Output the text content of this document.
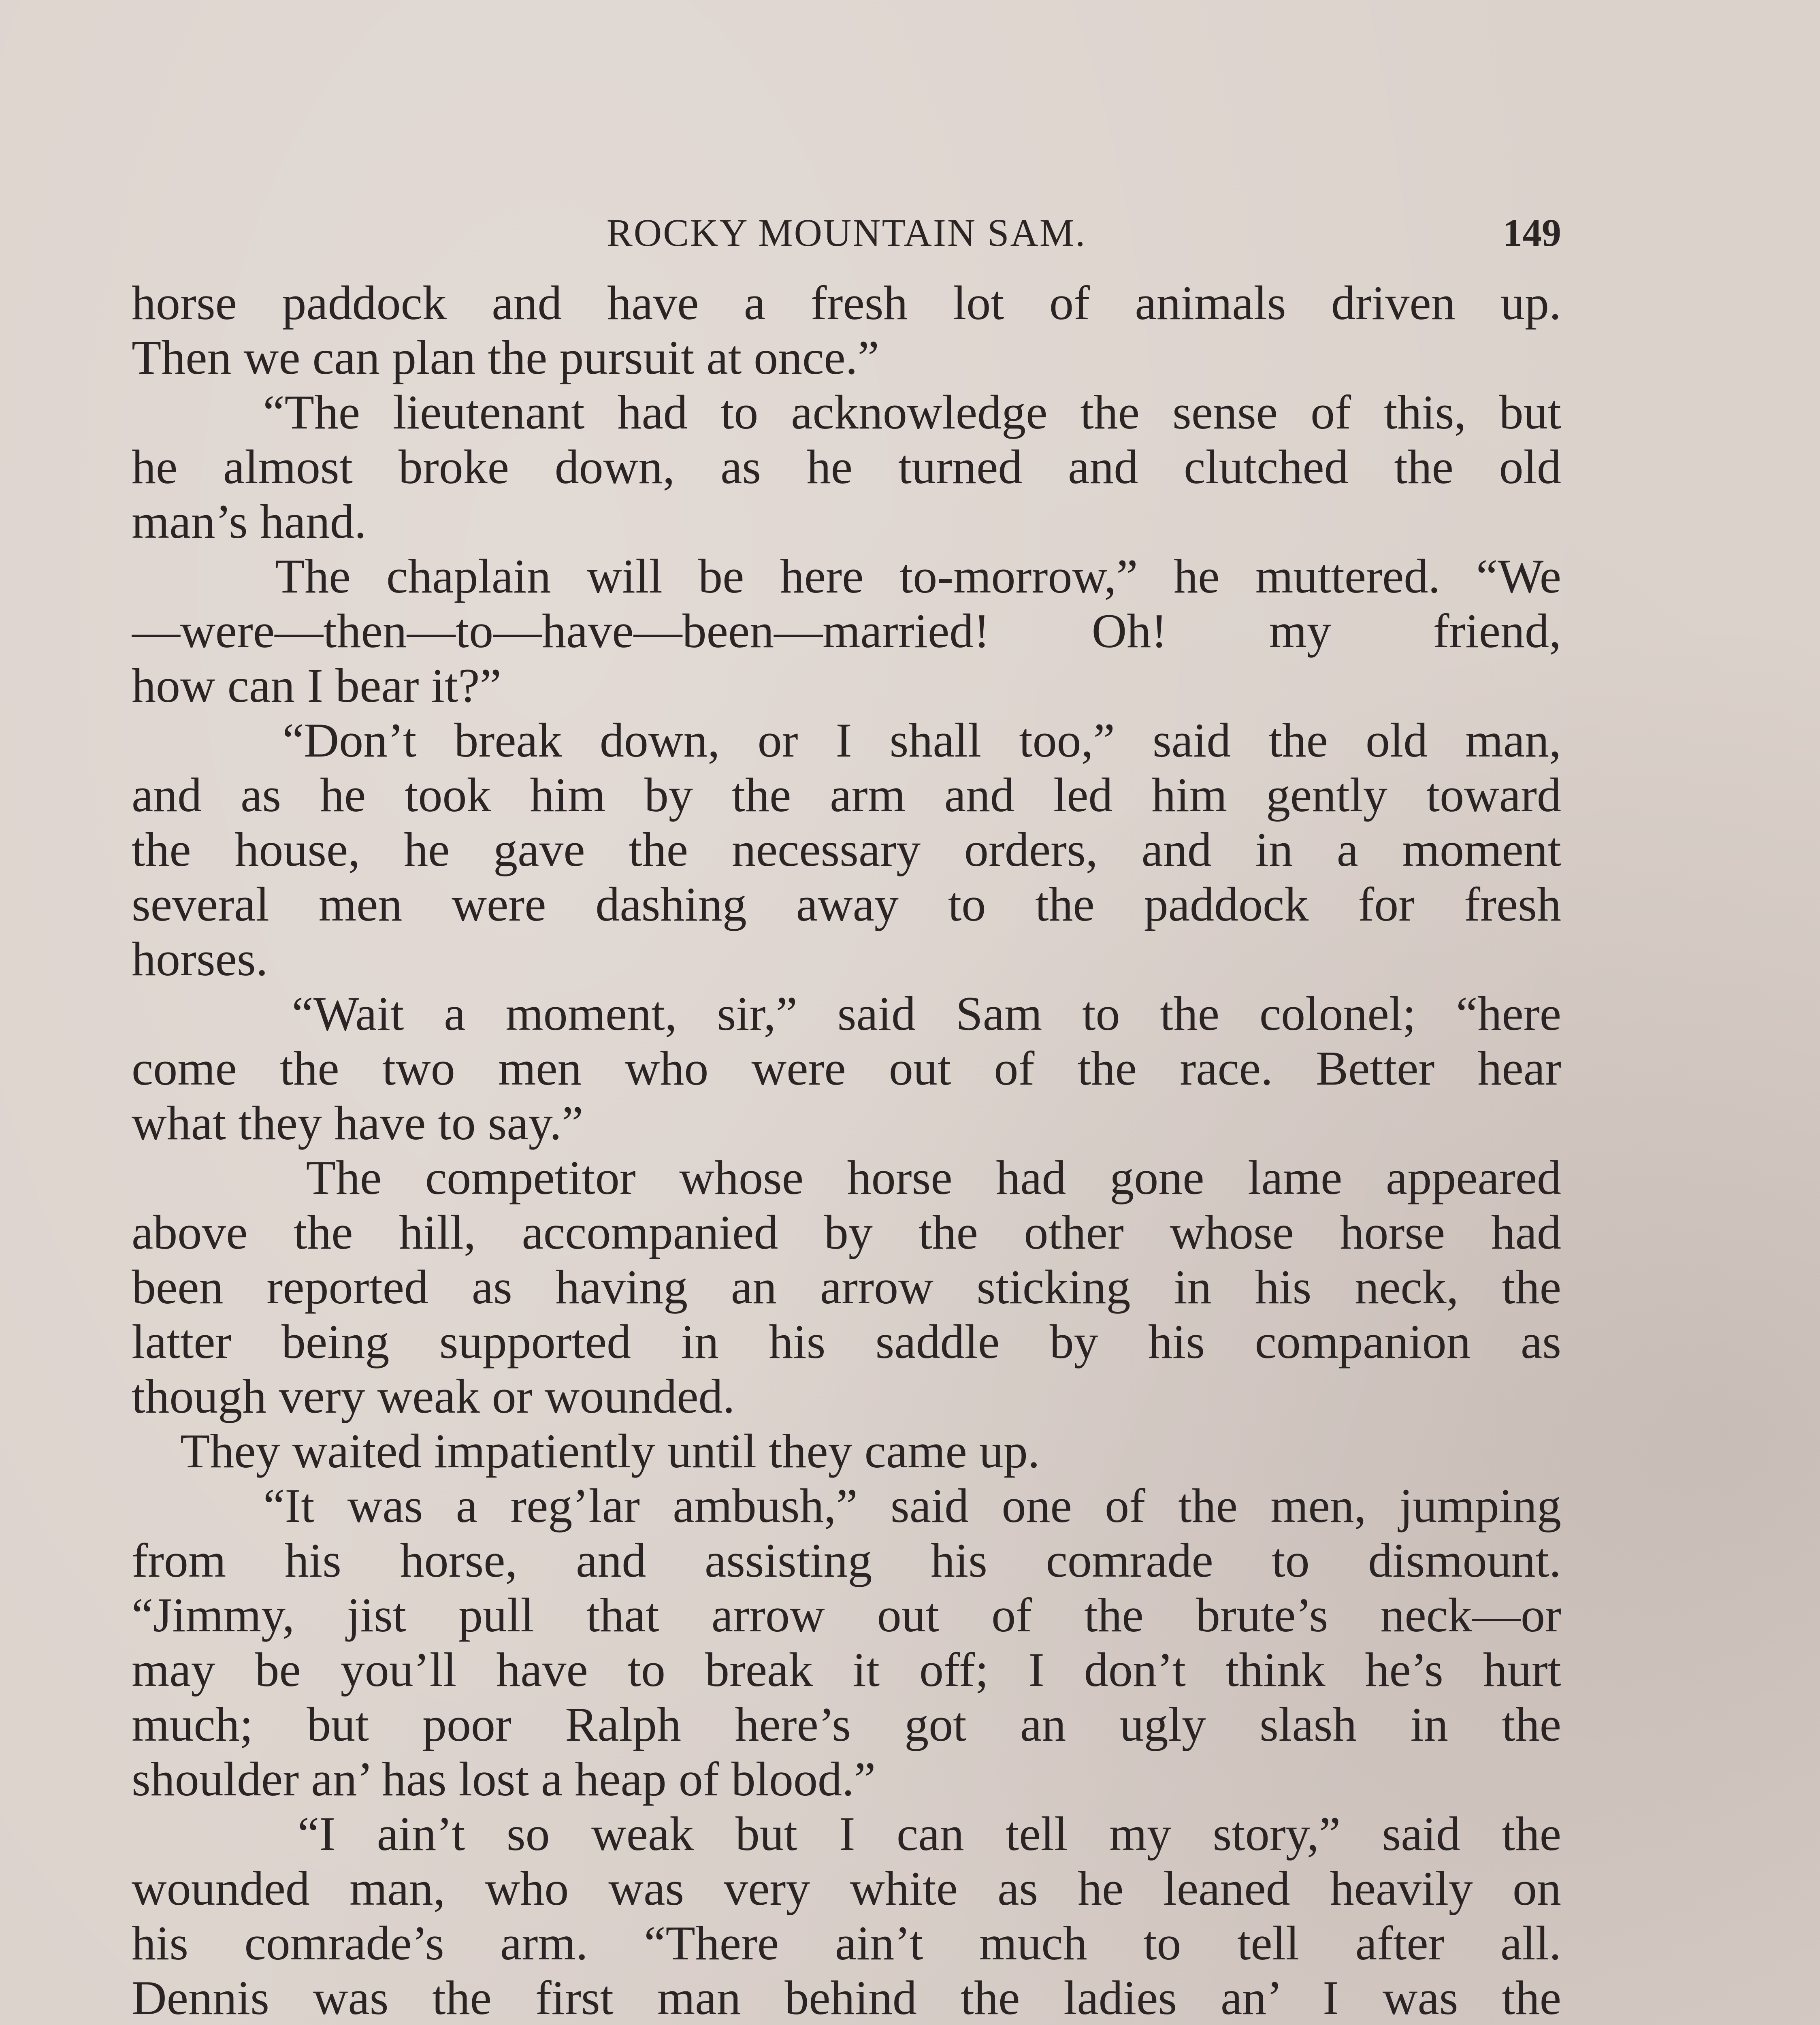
ROCKY MOUNTAIN SAM.	149
horse paddock and have a fresh lot of animals driven up.
Then we can plan the pursuit at once.”
“The lieutenant had to acknowledge the sense of this, but
he almost broke down, as he turned and clutched the old
man’s hand.
The chaplain will be here to-morrow,” he muttered. “We
—were—then—to—have—been—married! Oh! my friend,
how can I bear it?”
“Don’t break down, or I shall too,” said the old man,
and as he took him by the arm and led him gently toward
the house, he gave the necessary orders, and in a moment
several men were dashing away to the paddock for fresh
horses.
“Wait a moment, sir,” said Sam to the colonel; “here
come the two men who were out of the race. Better hear
what they have to say.”
The competitor whose horse had gone lame appeared
above the hill, accompanied by the other whose horse had
been reported as having an arrow sticking in his neck, the
latter being supported in his saddle by his companion as
though very weak or wounded.
They waited impatiently until they came up.
“It was a reg’lar ambush,” said one of the men, jumping
from his horse, and assisting his comrade to dismount.
“Jimmy, jist pull that arrow out of the brute’s neck—or
may be you’ll have to break it off; I don’t think he’s hurt
much; but poor Ralph here’s got an ugly slash in the
shoulder an’ has lost a heap of blood.”
“I ain’t so weak but I can tell my story,” said the
wounded man, who was very white as he leaned heavily on
his comrade’s arm. “There ain’t much to tell after all.
Dennis was the first man behind the ladies an’ I was the
